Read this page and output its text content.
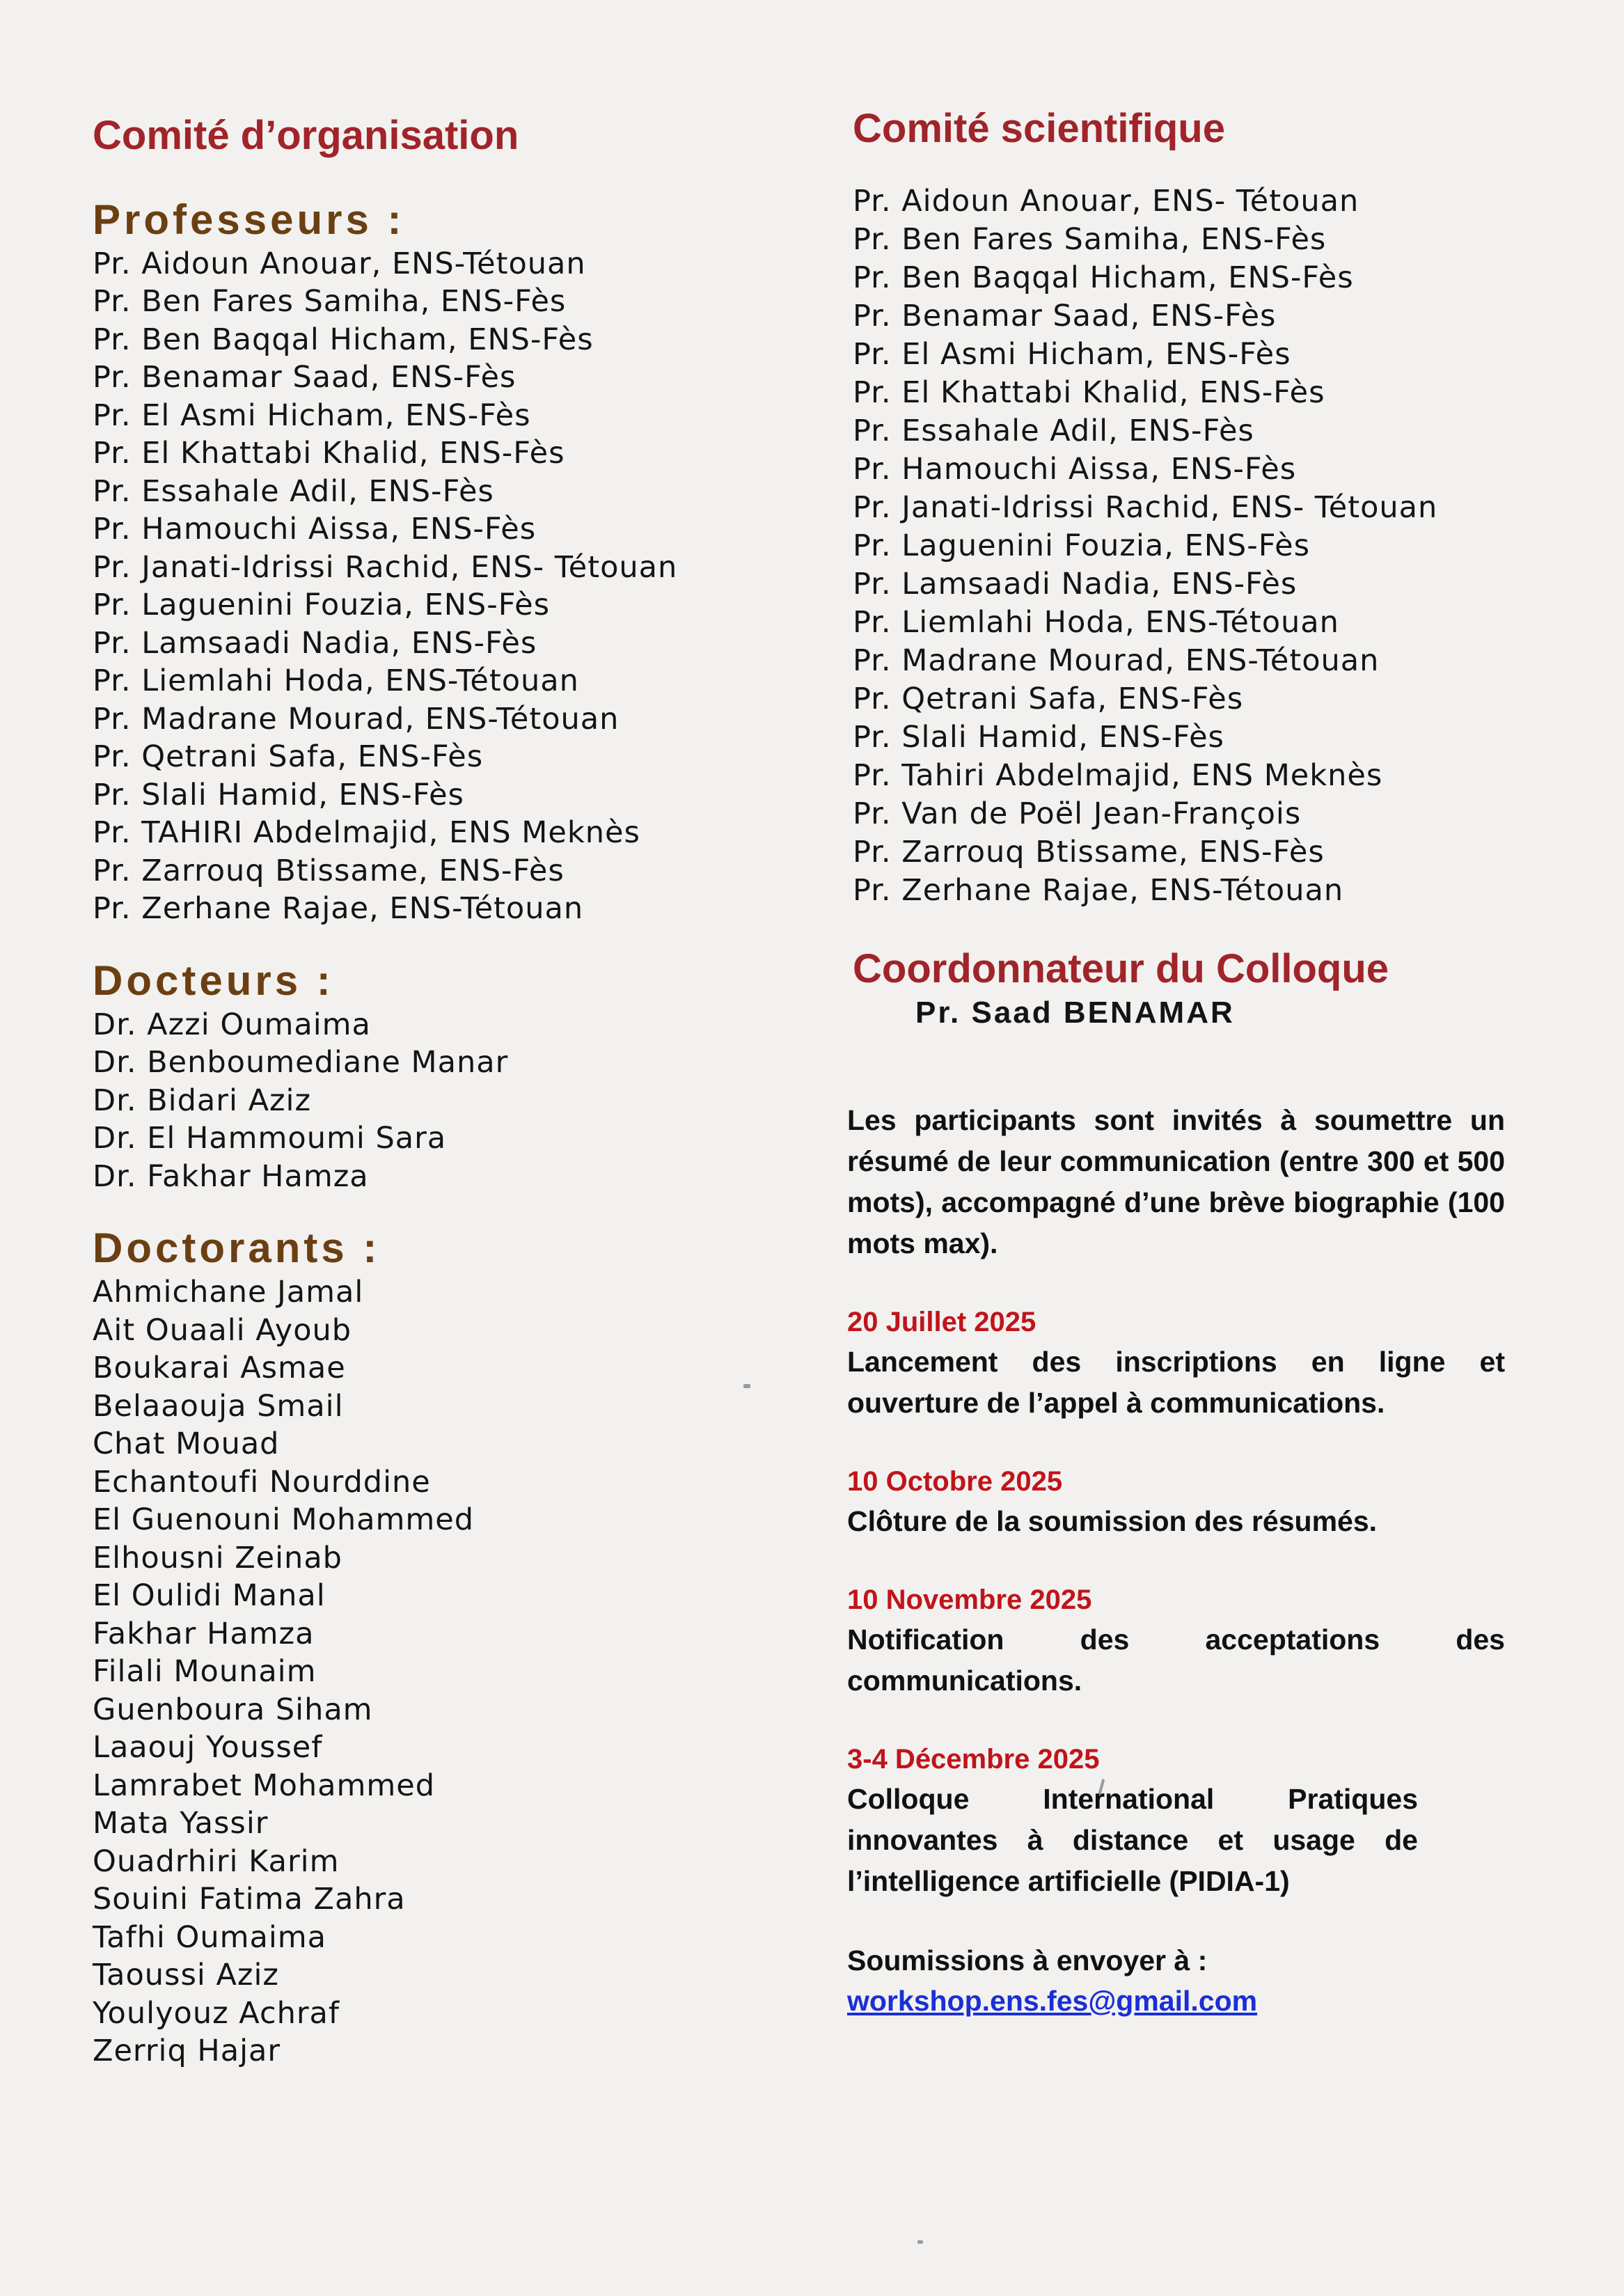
Comité d’organisation
Professeurs :
Pr. Aidoun Anouar, ENS-Tétouan
Pr. Ben Fares Samiha, ENS-Fès
Pr. Ben Baqqal Hicham, ENS-Fès
Pr. Benamar Saad, ENS-Fès
Pr. El Asmi Hicham, ENS-Fès
Pr. El Khattabi Khalid, ENS-Fès
Pr. Essahale Adil, ENS-Fès
Pr. Hamouchi Aissa, ENS-Fès
Pr. Janati-Idrissi Rachid, ENS- Tétouan
Pr. Laguenini Fouzia, ENS-Fès
Pr. Lamsaadi Nadia, ENS-Fès
Pr. Liemlahi Hoda, ENS-Tétouan
Pr. Madrane Mourad, ENS-Tétouan
Pr. Qetrani Safa, ENS-Fès
Pr. Slali Hamid, ENS-Fès
Pr. TAHIRI Abdelmajid, ENS Meknès
Pr. Zarrouq Btissame, ENS-Fès
Pr. Zerhane Rajae, ENS-Tétouan
Docteurs :
Dr. Azzi Oumaima
Dr. Benboumediane Manar
Dr. Bidari Aziz
Dr. El Hammoumi Sara
Dr. Fakhar Hamza
Doctorants :
Ahmichane Jamal
Ait Ouaali Ayoub
Boukarai Asmae
Belaaouja Smail
Chat Mouad
Echantoufi Nourddine
El Guenouni Mohammed
Elhousni Zeinab
El Oulidi Manal
Fakhar Hamza
Filali Mounaim
Guenboura Siham
Laaouj Youssef
Lamrabet Mohammed
Mata Yassir
Ouadrhiri Karim
Souini Fatima Zahra
Tafhi Oumaima
Taoussi Aziz
Youlyouz Achraf
Zerriq Hajar
Comité scientifique
Pr. Aidoun Anouar, ENS- Tétouan
Pr. Ben Fares Samiha, ENS-Fès
Pr. Ben Baqqal Hicham, ENS-Fès
Pr. Benamar Saad, ENS-Fès
Pr. El Asmi Hicham, ENS-Fès
Pr. El Khattabi Khalid, ENS-Fès
Pr. Essahale Adil, ENS-Fès
Pr. Hamouchi Aissa, ENS-Fès
Pr. Janati-Idrissi Rachid, ENS- Tétouan
Pr. Laguenini Fouzia, ENS-Fès
Pr. Lamsaadi Nadia, ENS-Fès
Pr. Liemlahi Hoda, ENS-Tétouan
Pr. Madrane Mourad, ENS-Tétouan
Pr. Qetrani Safa, ENS-Fès
Pr. Slali Hamid, ENS-Fès
Pr. Tahiri Abdelmajid, ENS Meknès
Pr. Van de Poël Jean-François
Pr. Zarrouq Btissame, ENS-Fès
Pr. Zerhane Rajae, ENS-Tétouan
Coordonnateur du Colloque
Pr. Saad BENAMAR

Les participants sont invités à soumettre un résumé de leur communication (entre 300 et 500 mots), accompagné d’une brève biographie (100 mots max).

20 Juillet 2025

Lancement des inscriptions en ligne et ouverture de l’appel à communications.

10 Octobre 2025

Clôture de la soumission des résumés.

10 Novembre 2025

Notification des acceptations des communications.

3-4 Décembre 2025

Colloque International Pratiques innovantes à distance et usage de l’intelligence artificielle (PIDIA-1)

Soumissions à envoyer à :

workshop.ens.fes@gmail.com
